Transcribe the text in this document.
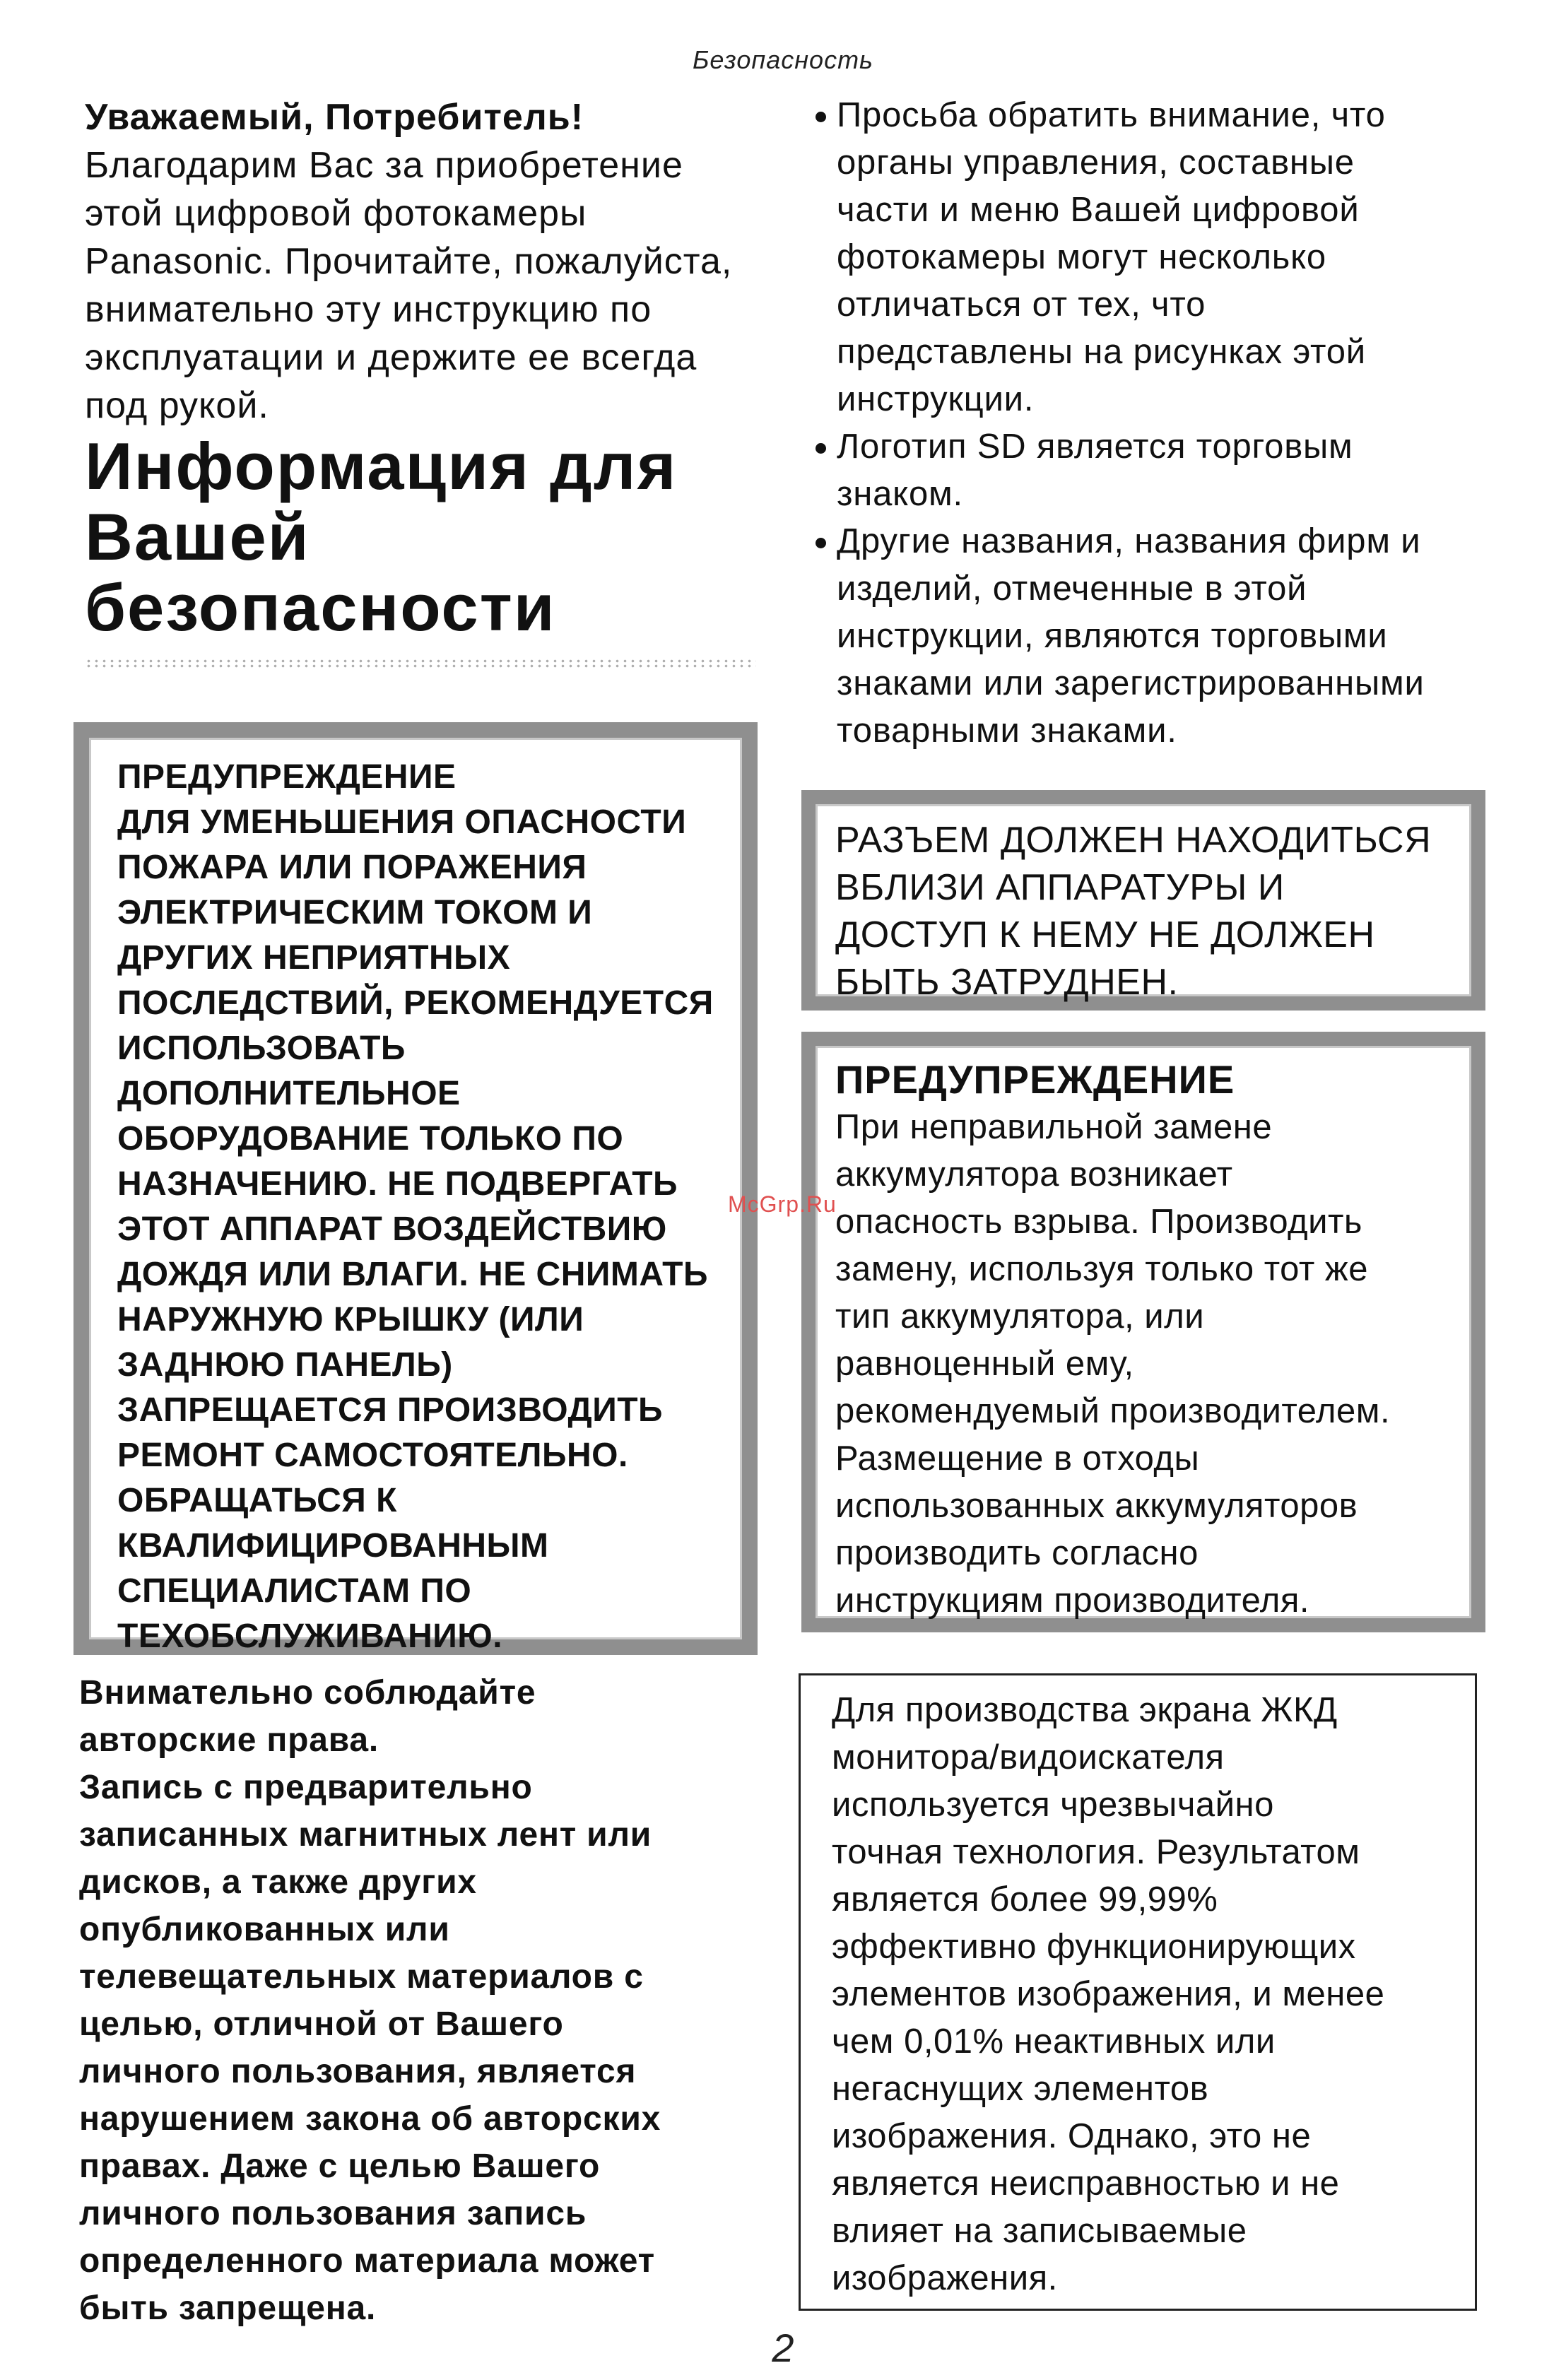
Безопасность
Уважаемый, Потребитель!
Благодарим Вас за приобретение
этой цифровой фотокамеры
Panasonic. Прочитайте, пожалуйста,
внимательно эту инструкцию по
эксплуатации и держите ее всегда
под рукой.
Информация для
Вашей
безопасности
ПРЕДУПРЕЖДЕНИЕ
ДЛЯ УМЕНЬШЕНИЯ ОПАСНОСТИ
ПОЖАРА ИЛИ ПОРАЖЕНИЯ
ЭЛЕКТРИЧЕСКИМ ТОКОМ И
ДРУГИХ НЕПРИЯТНЫХ
ПОСЛЕДСТВИЙ, РЕКОМЕНДУЕТСЯ
ИСПОЛЬЗОВАТЬ
ДОПОЛНИТЕЛЬНОЕ
ОБОРУДОВАНИЕ ТОЛЬКО ПО
НАЗНАЧЕНИЮ. НЕ ПОДВЕРГАТЬ
ЭТОТ АППАРАТ ВОЗДЕЙСТВИЮ
ДОЖДЯ ИЛИ ВЛАГИ. НЕ СНИМАТЬ
НАРУЖНУЮ КРЫШКУ (ИЛИ
ЗАДНЮЮ ПАНЕЛЬ)
ЗАПРЕЩАЕТСЯ ПРОИЗВОДИТЬ
РЕМОНТ САМОСТОЯТЕЛЬНО.
ОБРАЩАТЬСЯ К
КВАЛИФИЦИРОВАННЫМ
СПЕЦИАЛИСТАМ ПО
ТЕХОБСЛУЖИВАНИЮ.
Внимательно соблюдайте
авторские права.
Запись с предварительно
записанных магнитных лент или
дисков, а также других
опубликованных или
телевещательных материалов с
целью, отличной от Вашего
личного пользования, является
нарушением закона об авторских
правах. Даже с целью Вашего
личного пользования запись
определенного материала может
быть запрещена.
Просьба обратить внимание, что
органы управления, составные
части и меню Вашей цифровой
фотокамеры могут несколько
отличаться от тех, что
представлены на рисунках этой
инструкции.
Логотип SD является торговым
знаком.
Другие названия, названия фирм и
изделий, отмеченные в этой
инструкции, являются торговыми
знаками или зарегистрированными
товарными знаками.
РАЗЪЕМ ДОЛЖЕН НАХОДИТЬСЯ
ВБЛИЗИ АППАРАТУРЫ И
ДОСТУП К НЕМУ НЕ ДОЛЖЕН
БЫТЬ ЗАТРУДНЕН.
ПРЕДУПРЕЖДЕНИЕ
При неправильной замене
аккумулятора возникает
опасность взрыва. Производить
замену, используя только тот же
тип аккумулятора, или
равноценный ему,
рекомендуемый производителем.
Размещение в отходы
использованных аккумуляторов
производить согласно
инструкциям производителя.
Для производства экрана ЖКД
монитора/видоискателя
используется чрезвычайно
точная технология. Результатом
является более 99,99%
эффективно функционирующих
элементов изображения, и менее
чем 0,01% неактивных или
негаснущих элементов
изображения. Однако, это не
является неисправностью и не
влияет на записываемые
изображения.
McGrp.Ru
2
